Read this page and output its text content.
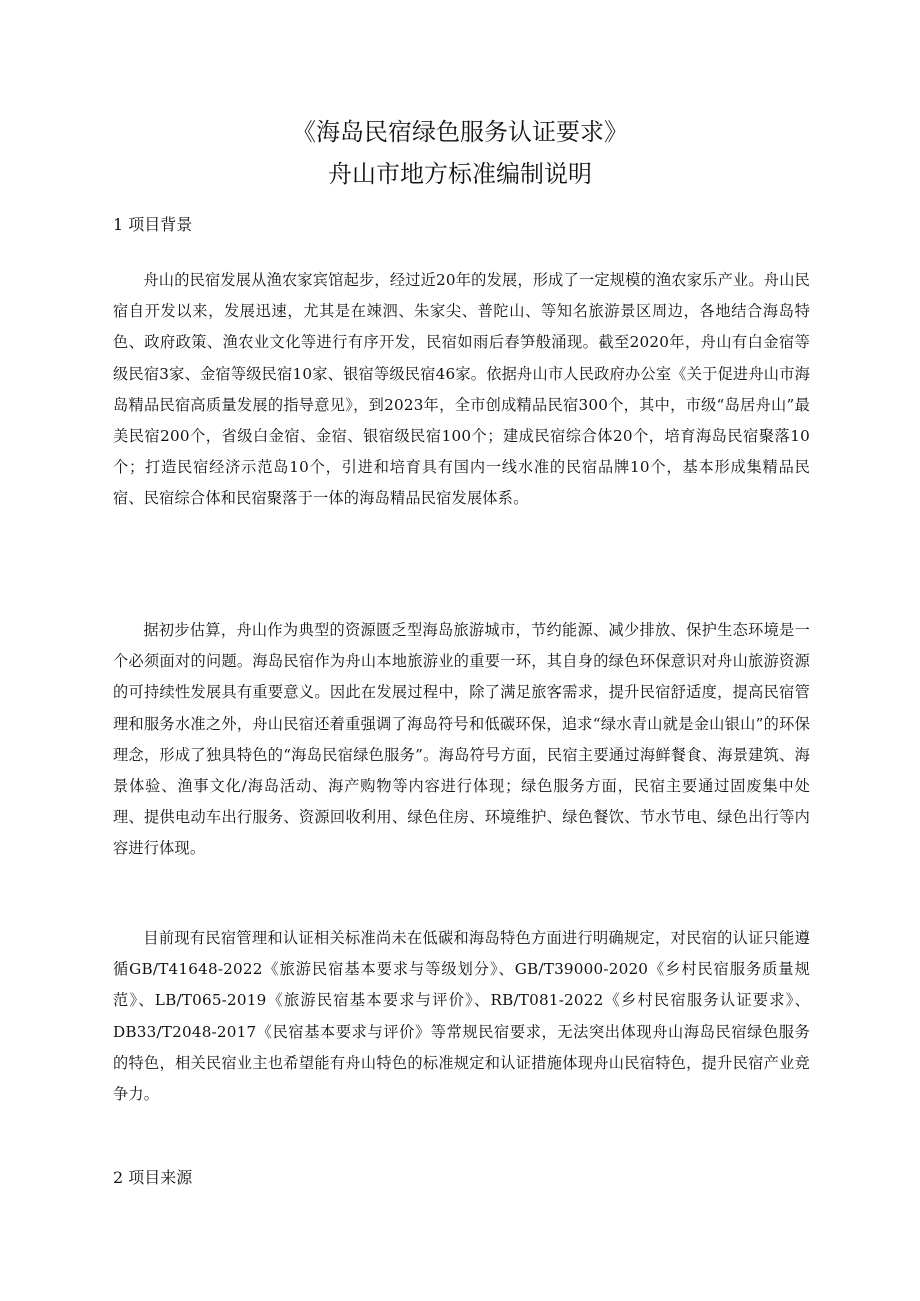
《海岛民宿绿色服务认证要求》
舟山市地方标准编制说明
1 项目背景

舟山的民宿发展从渔农家宾馆起步，经过近20年的发展，形成了一定规模的渔农家乐产业。舟山民宿自开发以来，发展迅速，尤其是在竦泗、朱家尖、普陀山、等知名旅游景区周边，各地结合海岛特色、政府政策、渔农业文化等进行有序开发，民宿如雨后春笋般涌现。截至2020年，舟山有白金宿等级民宿3家、金宿等级民宿10家、银宿等级民宿46家。依据舟山市人民政府办公室《关于促进舟山市海岛精品民宿高质量发展的指导意见》，到2023年，全市创成精品民宿300个，其中，市级“岛居舟山”最美民宿200个，省级白金宿、金宿、银宿级民宿100个；建成民宿综合体20个，培育海岛民宿聚落10个；打造民宿经济示范岛10个，引进和培育具有国内一线水准的民宿品牌10个，基本形成集精品民宿、民宿综合体和民宿聚落于一体的海岛精品民宿发展体系。

据初步估算，舟山作为典型的资源匮乏型海岛旅游城市，节约能源、减少排放、保护生态环境是一个必须面对的问题。海岛民宿作为舟山本地旅游业的重要一环，其自身的绿色环保意识对舟山旅游资源的可持续性发展具有重要意义。因此在发展过程中，除了满足旅客需求，提升民宿舒适度，提高民宿管理和服务水准之外，舟山民宿还着重强调了海岛符号和低碳环保，追求“绿水青山就是金山银山”的环保理念，形成了独具特色的“海岛民宿绿色服务”。海岛符号方面，民宿主要通过海鲜餐食、海景建筑、海景体验、渔事文化/海岛活动、海产购物等内容进行体现；绿色服务方面，民宿主要通过固废集中处理、提供电动车出行服务、资源回收利用、绿色住房、环境维护、绿色餐饮、节水节电、绿色出行等内容进行体现。

目前现有民宿管理和认证相关标准尚未在低碳和海岛特色方面进行明确规定，对民宿的认证只能遵循GB/T41648-2022《旅游民宿基本要求与等级划分》、GB/T39000-2020《乡村民宿服务质量规范》、LB/T065-2019《旅游民宿基本要求与评价》、RB/T081-2022《乡村民宿服务认证要求》、DB33/T2048-2017《民宿基本要求与评价》等常规民宿要求，无法突出体现舟山海岛民宿绿色服务的特色，相关民宿业主也希望能有舟山特色的标准规定和认证措施体现舟山民宿特色，提升民宿产业竞争力。

2 项目来源
